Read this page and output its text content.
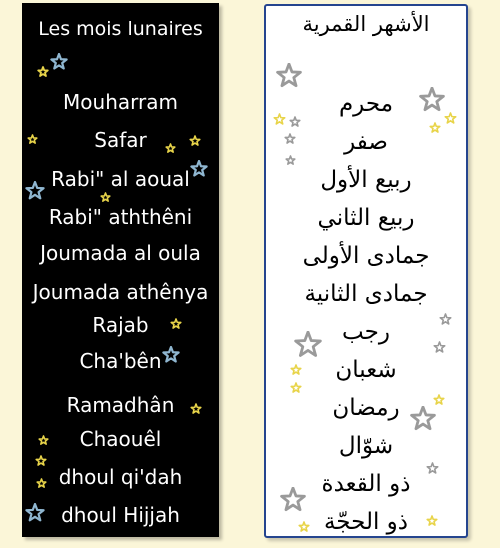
Les mois lunaires
Mouharram
Safar
Rabi" al aoual
Rabi" aththêni
Joumada al oula
Joumada athênya
Rajab
Cha'bên
Ramadhân
Chaouêl
dhoul qi'dah
dhoul Hijjah
الأشهر القمرية
محرم
صفر
ربيع الأول
ربيع الثاني
جمادى الأولى
جمادى الثانية
رجب
شعبان
رمضان
شوّال
ذو القعدة
ذو الحجّة
